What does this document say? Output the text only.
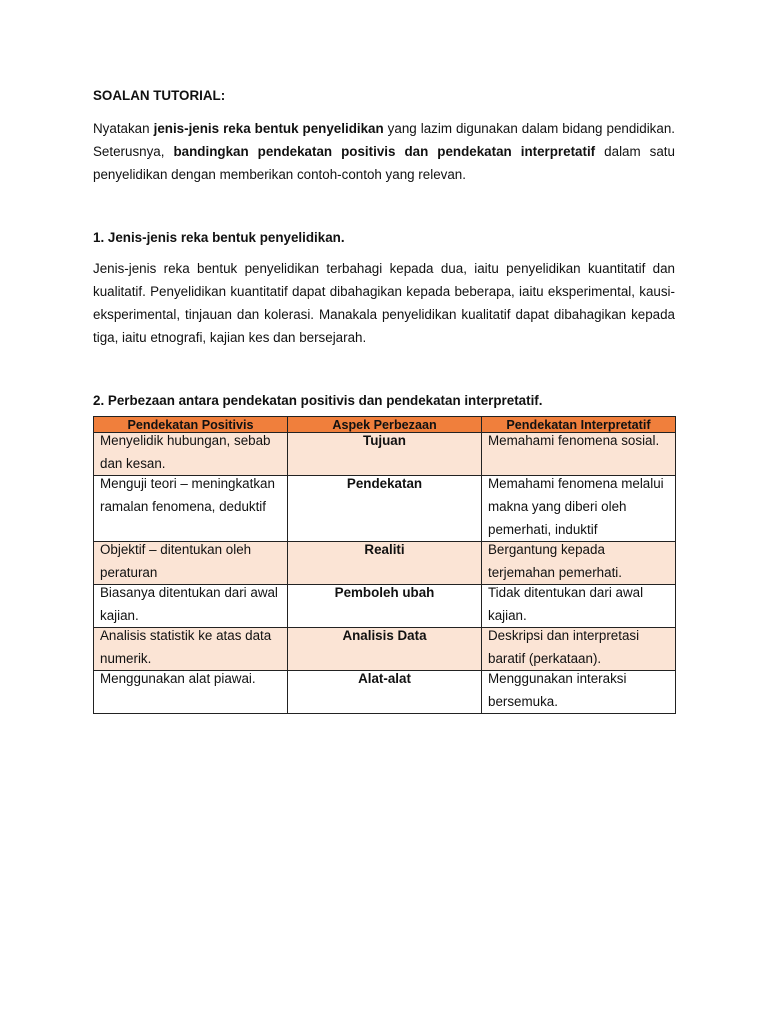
SOALAN TUTORIAL:

Nyatakan jenis-jenis reka bentuk penyelidikan yang lazim digunakan dalam bidang pendidikan. Seterusnya, bandingkan pendekatan positivis dan pendekatan interpretatif dalam satu penyelidikan dengan memberikan contoh-contoh yang relevan.

1. Jenis-jenis reka bentuk penyelidikan.

Jenis-jenis reka bentuk penyelidikan terbahagi kepada dua, iaitu penyelidikan kuantitatif dan kualitatif. Penyelidikan kuantitatif dapat dibahagikan kepada beberapa, iaitu eksperimental, kausi-eksperimental, tinjauan dan kolerasi. Manakala penyelidikan kualitatif dapat dibahagikan kepada tiga, iaitu etnografi, kajian kes dan bersejarah.

2. Perbezaan antara pendekatan positivis dan pendekatan interpretatif.

Pendekatan Positivis	Aspek Perbezaan	Pendekatan Interpretatif

Menyelidik hubungan, sebab dan kesan.	Tujuan	Memahami fenomena sosial.

Menguji teori – meningkatkan ramalan fenomena, deduktif	Pendekatan	Memahami fenomena melalui makna yang diberi oleh pemerhati, induktif

Objektif – ditentukan oleh peraturan	Realiti	Bergantung kepada terjemahan pemerhati.

Biasanya ditentukan dari awal kajian.	Pemboleh ubah	Tidak ditentukan dari awal kajian.

Analisis statistik ke atas data numerik.	Analisis Data	Deskripsi dan interpretasi baratif (perkataan).

Menggunakan alat piawai.	Alat-alat	Menggunakan interaksi bersemuka.
